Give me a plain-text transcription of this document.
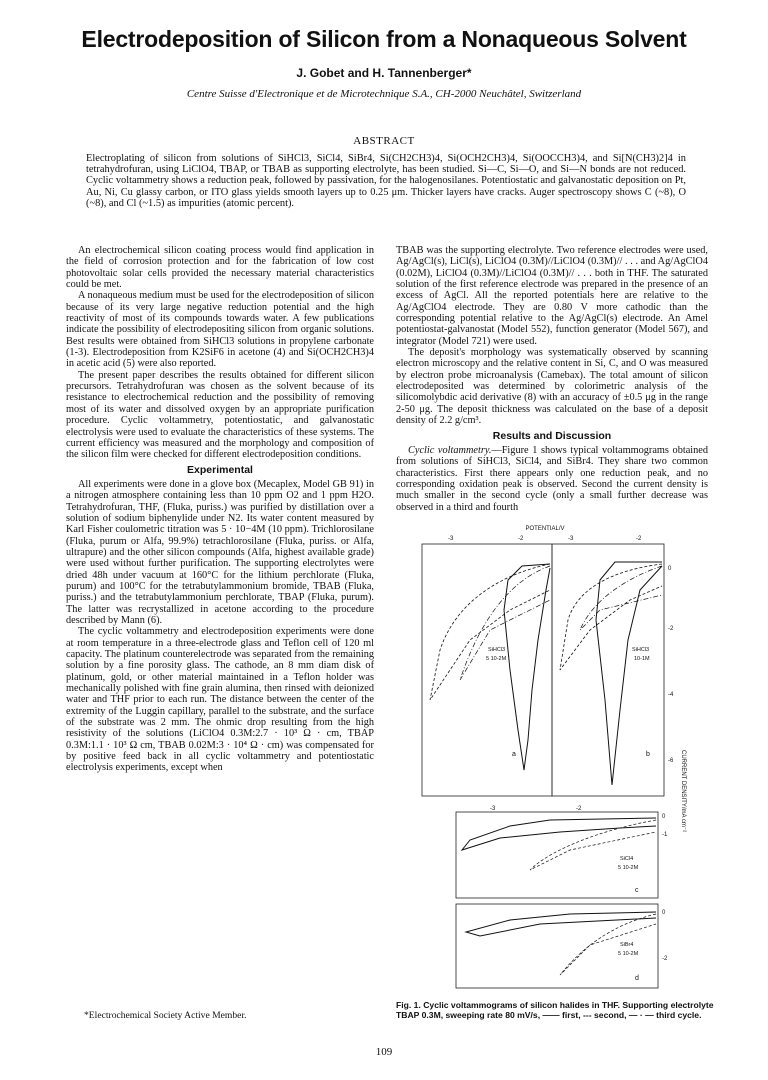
Electrodeposition of Silicon from a Nonaqueous Solvent
J. Gobet and H. Tannenberger*
Centre Suisse d'Electronique et de Microtechnique S.A., CH-2000 Neuchâtel, Switzerland
ABSTRACT
Electroplating of silicon from solutions of SiHCl3, SiCl4, SiBr4, Si(CH2CH3)4, Si(OCH2CH3)4, Si(OOCCH3)4, and Si[N(CH3)2]4 in tetrahydrofuran, using LiClO4, TBAP, or TBAB as supporting electrolyte, has been studied. Si—C, Si—O, and Si—N bonds are not reduced. Cyclic voltammetry shows a reduction peak, followed by passivation, for the halogenosilanes. Potentiostatic and galvanostatic deposition on Pt, Au, Ni, Cu glassy carbon, or ITO glass yields smooth layers up to 0.25 μm. Thicker layers have cracks. Auger spectroscopy shows C (~8), O (~8), and Cl (~1.5) as impurities (atomic percent).

An electrochemical silicon coating process would find application in the field of corrosion protection and for the fabrication of low cost photovoltaic solar cells provided the necessary material characteristics could be met.

A nonaqueous medium must be used for the electrodeposition of silicon because of its very large negative reduction potential and the high reactivity of most of its compounds towards water. A few publications indicate the possibility of electrodepositing silicon from organic solutions. Best results were obtained from SiHCl3 solutions in propylene carbonate (1-3). Electrodeposition from K2SiF6 in acetone (4) and Si(OCH2CH3)4 in acetic acid (5) were also reported.

The present paper describes the results obtained for different silicon precursors. Tetrahydrofuran was chosen as the solvent because of its resistance to electrochemical reduction and the possibility of removing most of its water and dissolved oxygen by an appropriate purification procedure. Cyclic voltammetry, potentiostatic, and galvanostatic electrolysis were used to evaluate the characteristics of these systems. The current efficiency was measured and the morphology and composition of the silicon film were checked for different electrodeposition conditions.

Experimental

All experiments were done in a glove box (Mecaplex, Model GB 91) in a nitrogen atmosphere containing less than 10 ppm O2 and 1 ppm H2O. Tetrahydrofuran, THF, (Fluka, puriss.) was purified by distillation over a solution of sodium biphenylide under N2. Its water content measured by Karl Fisher coulometric titration was 5 · 10−4M (10 ppm). Trichlorosilane (Fluka, purum or Alfa, 99.9%) tetrachlorosilane (Fluka, puriss. or Alfa, ultrapure) and the other silicon compounds (Alfa, highest available grade) were used without further purification. The supporting electrolytes were dried 48h under vacuum at 160°C for the lithium perchlorate (Fluka, purum) and 100°C for the tetrabutylammonium bromide, TBAB (Fluka, puriss.) and the tetrabutylammonium perchlorate, TBAP (Fluka, purum). The latter was recrystallized in acetone according to the procedure described by Mann (6).

The cyclic voltammetry and electrodeposition experiments were done at room temperature in a three-electrode glass and Teflon cell of 120 ml capacity. The platinum counterelectrode was separated from the remaining solution by a fine porosity glass. The cathode, an 8 mm diam disk of platinum, gold, or other material maintained in a Teflon holder was mechanically polished with fine grain alumina, then rinsed with deionized water and THF prior to each run. The distance between the center of the extremity of the Luggin capillary, parallel to the substrate, and the surface of the substrate was 2 mm. The ohmic drop resulting from the high resistivity of the solutions (LiClO4 0.3M:2.7 · 10³ Ω · cm, TBAP 0.3M:1.1 · 10³ Ω cm, TBAB 0.02M:3 · 10⁴ Ω · cm) was compensated for by positive feed back in all cyclic voltammetry and potentiostatic electrolysis experiments, except when

TBAB was the supporting electrolyte. Two reference electrodes were used, Ag/AgCl(s), LiCl(s), LiClO4 (0.3M)//LiClO4 (0.3M)// . . . and Ag/AgClO4 (0.02M), LiClO4 (0.3M)//LiClO4 (0.3M)// . . . both in THF. The saturated solution of the first reference electrode was prepared in the presence of an excess of AgCl. All the reported potentials here are relative to the Ag/AgClO4 electrode. They are 0.80 V more cathodic than the corresponding potential relative to the Ag/AgCl(s) electrode. An Amel potentiostat-galvanostat (Model 552), function generator (Model 567), and integrator (Model 721) were used.

The deposit's morphology was systematically observed by scanning electron microscopy and the relative content in Si, C, and O was measured by electron probe microanalysis (Camebax). The total amount of silicon electrodeposited was determined by colorimetric analysis of the silicomolybdic acid derivative (8) with an accuracy of ±0.5 μg in the range 2-50 μg. The deposit thickness was calculated on the base of a deposit density of 2.2 g/cm³.

Results and Discussion

Cyclic voltammetry.—Figure 1 shows typical voltammograms obtained from solutions of SiHCl3, SiCl4, and SiBr4. They share two common characteristics. First there appears only one reduction peak, and no corresponding oxidation peak is observed. Second the current density is much smaller in the second cycle (only a small further decrease was observed in a third and fourth

POTENTIAL/V
-3	-2	-3	-2
0
-2
-4
-6
SiHCl3
5 10-2M
a
SiHCl3
10-1M
b	CURRENT DENSITY/mA cm⁻²
-3	-2
0
-1
SiCl4
5 10-2M
c
0
-2
SiBr4
5 10-2M
d
Fig. 1. Cyclic voltammograms of silicon halides in THF. Supporting electrolyte TBAP 0.3M, sweeping rate 80 mV/s, —— first, --- second, — · — third cycle.
*Electrochemical Society Active Member.
109
